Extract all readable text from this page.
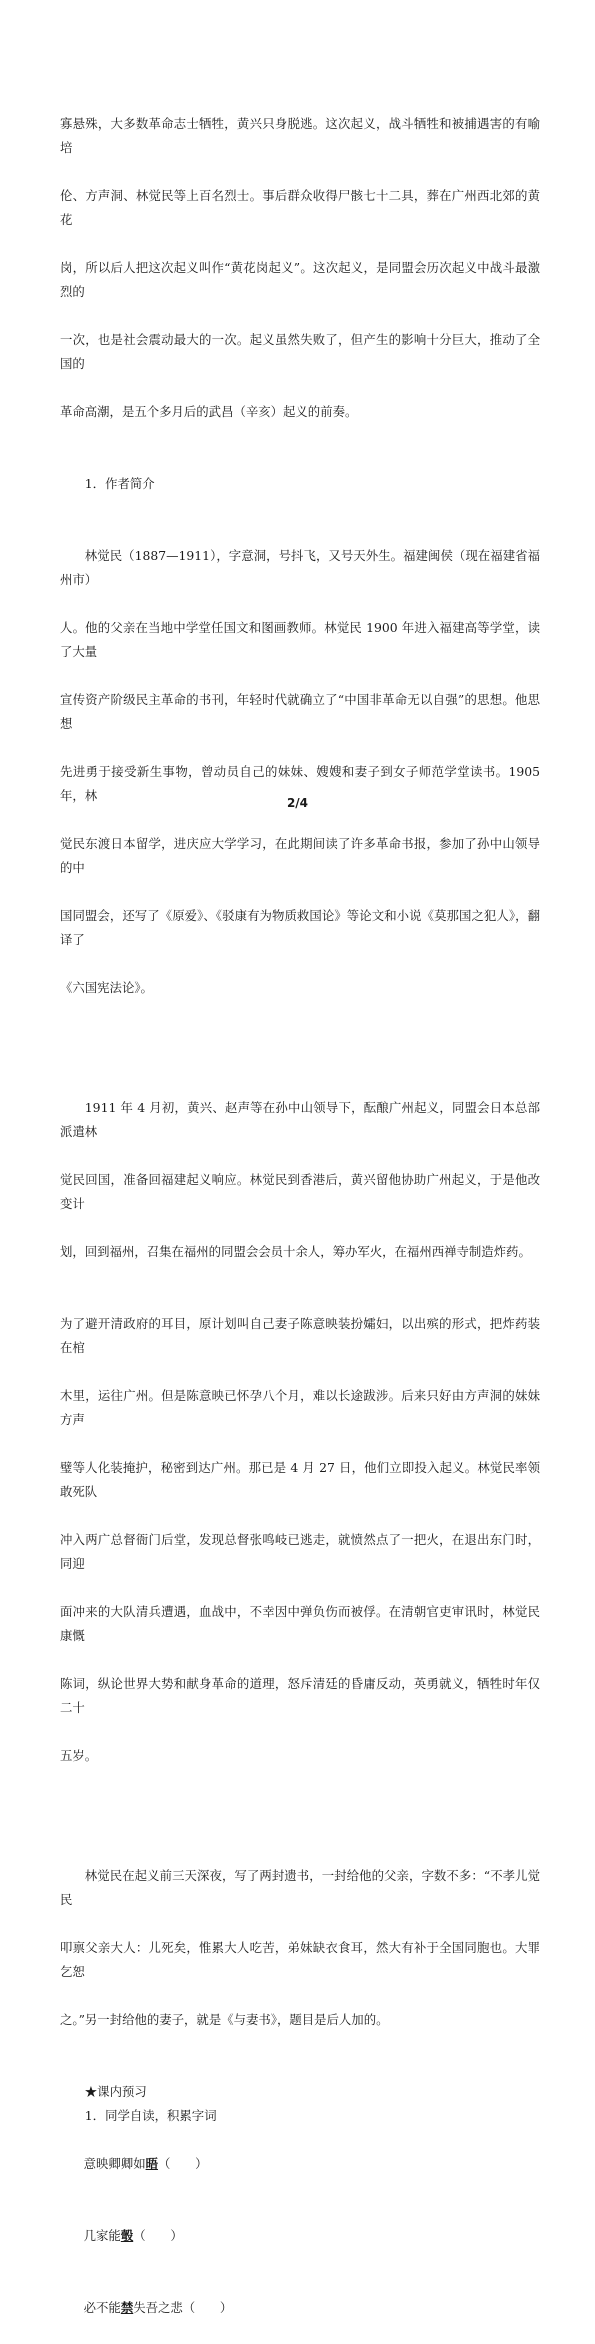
寡悬殊，大多数革命志士牺牲，黄兴只身脱逃。这次起义，战斗牺牲和被捕遇害的有喻培

伦、方声洞、林觉民等上百名烈士。事后群众收得尸骸七十二具，葬在广州西北郊的黄花

岗，所以后人把这次起义叫作“黄花岗起义”。这次起义，是同盟会历次起义中战斗最激烈的

一次，也是社会震动最大的一次。起义虽然失败了，但产生的影响十分巨大，推动了全国的

革命高潮，是五个多月后的武昌（辛亥）起义的前奏。

1．作者简介

林觉民（1887—1911），字意洞，号抖飞，又号天外生。福建闽侯（现在福建省福州市）

人。他的父亲在当地中学堂任国文和图画教师。林觉民 1900 年进入福建高等学堂，读了大量

宣传资产阶级民主革命的书刊，年轻时代就确立了“中国非革命无以自强”的思想。他思想

先进勇于接受新生事物，曾动员自己的妹妹、嫂嫂和妻子到女子师范学堂读书。1905 年，林

觉民东渡日本留学，进庆应大学学习，在此期间读了许多革命书报，参加了孙中山领导的中

国同盟会，还写了《原爱》、《驳康有为物质救国论》等论文和小说《莫那国之犯人》，翻译了

《六国宪法论》。

1911 年 4 月初，黄兴、赵声等在孙中山领导下，酝酿广州起义，同盟会日本总部派遣林

觉民回国，准备回福建起义响应。林觉民到香港后，黄兴留他协助广州起义，于是他改变计

划，回到福州，召集在福州的同盟会会员十余人，筹办军火，在福州西禅寺制造炸药。

为了避开清政府的耳目，原计划叫自己妻子陈意映装扮孀妇，以出殡的形式，把炸药装在棺

木里，运往广州。但是陈意映已怀孕八个月，难以长途跋涉。后来只好由方声洞的妹妹方声

璧等人化装掩护，秘密到达广州。那已是 4 月 27 日，他们立即投入起义。林觉民率领敢死队

冲入两广总督衙门后堂，发现总督张鸣岐已逃走，就愤然点了一把火，在退出东门时，同迎

面冲来的大队清兵遭遇，血战中，不幸因中弹负伤而被俘。在清朝官吏审讯时，林觉民康慨

陈词，纵论世界大势和献身革命的道理，怒斥清廷的昏庸反动，英勇就义，牺牲时年仅二十

五岁。

林觉民在起义前三天深夜，写了两封遗书，一封给他的父亲，字数不多：“不孝儿觉民

叩禀父亲大人：儿死矣，惟累大人吃苦，弟妹缺衣食耳，然大有补于全国同胞也。大罪乞恕

之。”另一封给他的妻子，就是《与妻书》，题目是后人加的。

★课内预习

1．同学自读，积累字词

意映卿卿如晤（　　）

几家能彀（　　）

必不能禁失吾之悲（　　）

2/4
